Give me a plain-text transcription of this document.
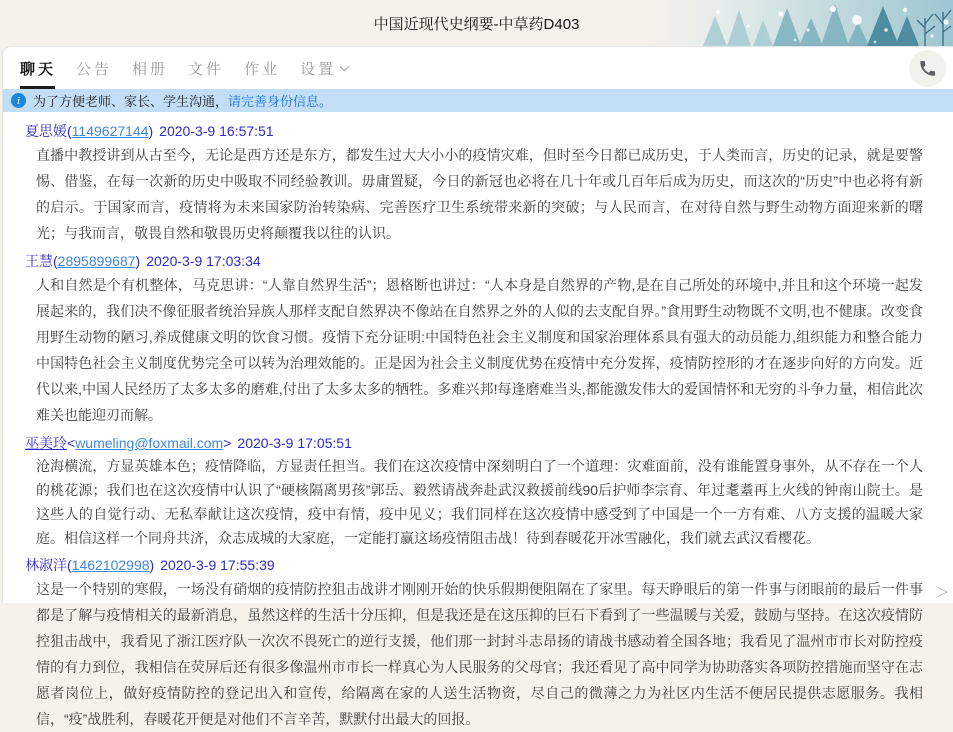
中国近现代史纲要-中草药D403
聊天 公告 相册 文件 作业 设置
i 为了方便老师、家长、学生沟通， 请完善身份信息 。
夏思媛(1149627144) 2020-3-9 16:57:51
直播中教授讲到从古至今，无论是西方还是东方，都发生过大大小小的疫情灾难，但时至今日都已成历史，于人类而言，历史的记录，就是要警惕、借鉴，在每一次新的历史中吸取不同经验教训。毋庸置疑，今日的新冠也必将在几十年或几百年后成为历史，而这次的“历史”中也必将有新的启示。于国家而言，疫情将为未来国家防治转染病、完善医疗卫生系统带来新的突破；与人民而言，在对待自然与野生动物方面迎来新的曙光；与我而言，敬畏自然和敬畏历史将颠覆我以往的认识。
王慧(2895899687) 2020-3-9 17:03:34
人和自然是个有机整体，马克思讲：“人靠自然界生活”；恩格断也讲过：“人本身是自然界的产物,是在自己所处的环境中,并且和这个环境一起发展起来的，我们决不像征服者统治异族人那样支配自然界决不像站在自然界之外的人似的去支配自界。”食用野生动物既不文明,也不健康。改变食用野生动物的陋习,养成健康文明的饮食习惯。疫情下充分证明:中国特色社会主义制度和国家治理体系具有强大的动员能力,组织能力和整合能力中国特色社会主义制度优势完全可以转为治理效能的。正是因为社会主义制度优势在疫情中充分发挥，疫情防控形的才在逐步向好的方向发。近代以来,中国人民经历了太多太多的磨难,付出了太多太多的牺牲。多难兴邦!每逢磨难当头,都能激发伟大的爱国情怀和无穷的斗争力量，相信此次难关也能迎刃而解。
巫美玲<wumeling@foxmail.com> 2020-3-9 17:05:51
沧海横流，方显英雄本色；疫情降临，方显责任担当。我们在这次疫情中深刻明白了一个道理：灾难面前，没有谁能置身事外，从不存在一个人的桃花源；我们也在这次疫情中认识了“硬核隔离男孩”郭岳、毅然请战奔赴武汉救援前线90后护师李宗育、年过耄耋再上火线的钟南山院士。是这些人的自觉行动、无私奉献让这次疫情，疫中有情，疫中见义；我们同样在这次疫情中感受到了中国是一个一方有难、八方支援的温暖大家庭。相信这样一个同舟共济，众志成城的大家庭，一定能打赢这场疫情阻击战！待到春暖花开冰雪融化，我们就去武汉看樱花。
林淑洋(1462102998) 2020-3-9 17:55:39
这是一个特别的寒假，一场没有硝烟的疫情防控狙击战讲才刚刚开始的快乐假期便阻隔在了家里。每天睁眼后的第一件事与闭眼前的最后一件事都是了解与疫情相关的最新消息，虽然这样的生活十分压抑，但是我还是在这压抑的巨石下看到了一些温暖与关爱，鼓励与坚持。在这次疫情防控狙击战中，我看见了浙江医疗队一次次不畏死亡的逆行支援，他们那一封封斗志昂扬的请战书感动着全国各地；我看见了温州市市长对防控疫情的有力到位，我相信在荧屏后还有很多像温州市市长一样真心为人民服务的父母官；我还看见了高中同学为协助落实各项防控措施而坚守在志愿者岗位上，做好疫情防控的登记出入和宣传，给隔离在家的人送生活物资，尽自己的微薄之力为社区内生活不便居民提供志愿服务。我相信，“疫”战胜利，春暖花开便是对他们不言辛苦，默默付出最大的回报。
＞
